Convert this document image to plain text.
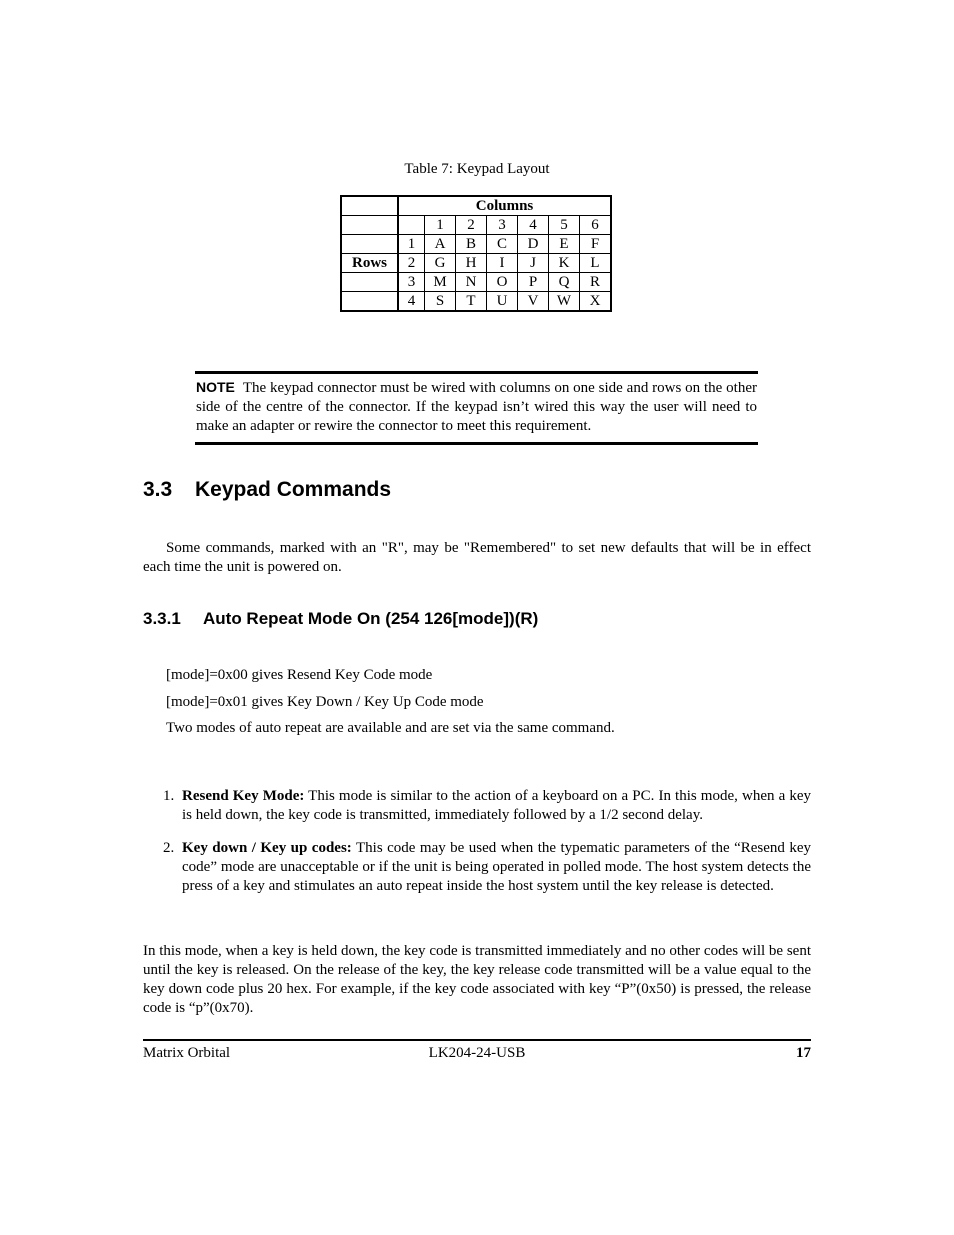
Table 7: Keypad Layout
	Columns						
		1	2	3	4	5	6
	1	A	B	C	D	E	F
Rows	2	G	H	I	J	K	L
	3	M	N	O	P	Q	R
	4	S	T	U	V	W	X
NOTE The keypad connector must be wired with columns on one side and rows on the other side of the centre of the connector. If the keypad isn’t wired this way the user will need to make an adapter or rewire the connector to meet this requirement.
3.3 Keypad Commands
Some commands, marked with an "R", may be "Remembered" to set new defaults that will be in effect each time the unit is powered on.
3.3.1 Auto Repeat Mode On (254 126[mode])(R)
[mode]=0x00 gives Resend Key Code mode
[mode]=0x01 gives Key Down / Key Up Code mode
Two modes of auto repeat are available and are set via the same command.
1. Resend Key Mode: This mode is similar to the action of a keyboard on a PC. In this mode, when a key is held down, the key code is transmitted, immediately followed by a 1/2 second delay.
2. Key down / Key up codes: This code may be used when the typematic parameters of the “Resend key code” mode are unacceptable or if the unit is being operated in polled mode. The host system detects the press of a key and stimulates an auto repeat inside the host system until the key release is detected.
In this mode, when a key is held down, the key code is transmitted immediately and no other codes will be sent until the key is released. On the release of the key, the key release code transmitted will be a value equal to the key down code plus 20 hex. For example, if the key code associated with key “P”(0x50) is pressed, the release code is “p”(0x70).
Matrix Orbital	LK204-24-USB	17
